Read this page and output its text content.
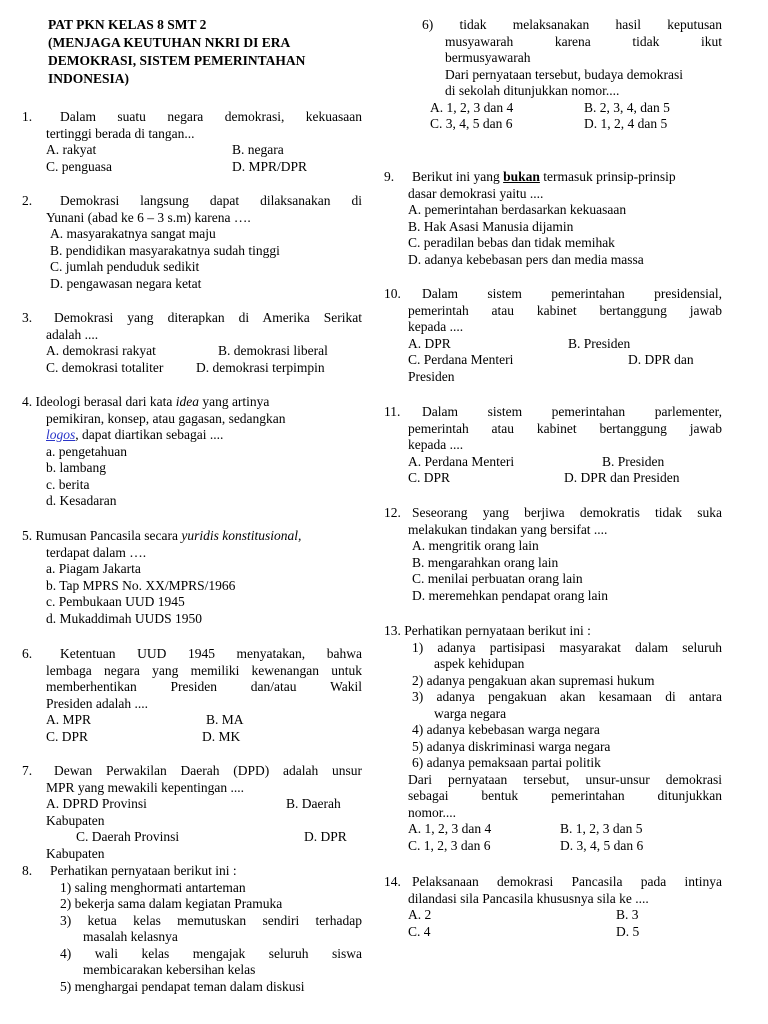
PAT PKN KELAS 8 SMT 2
(MENJAGA KEUTUHAN NKRI DI ERA
DEMOKRASI, SISTEM PEMERINTAHAN
INDONESIA)
1.	Dalam suatu negara demokrasi, kekuasaan
tertinggi berada di tangan...
A. rakyat	B. negara
C. penguasa	D. MPR/DPR
2.	Demokrasi langsung dapat dilaksanakan di
Yunani (abad ke 6 – 3 s.m) karena ….
A. masyarakatnya sangat maju
B. pendidikan masyarakatnya sudah tinggi
C. jumlah penduduk sedikit
D. pengawasan negara ketat
3.	Demokrasi yang diterapkan di Amerika Serikat
adalah ....
A. demokrasi rakyat	B. demokrasi liberal
C. demokrasi totaliter D. demokrasi terpimpin
4. Ideologi berasal dari kata idea yang artinya
pemikiran, konsep, atau gagasan, sedangkan
logos, dapat diartikan sebagai ....
a. pengetahuan
b. lambang
c. berita
d. Kesadaran
5. Rumusan Pancasila secara yuridis konstitusional,
terdapat dalam ….
a. Piagam Jakarta
b. Tap MPRS No. XX/MPRS/1966
c. Pembukaan UUD 1945
d. Mukaddimah UUDS 1950
6.	Ketentuan UUD 1945 menyatakan, bahwa
lembaga negara yang memiliki kewenangan untuk
memberhentikan Presiden dan/atau Wakil
Presiden adalah ....
A. MPR	B. MA
C. DPR	D. MK
7.	Dewan Perwakilan Daerah (DPD) adalah unsur
MPR yang mewakili kepentingan ....
A. DPRD Provinsi	B. Daerah
Kabupaten
C. Daerah Provinsi	D. DPR
Kabupaten
8.	Perhatikan pernyataan berikut ini :
1) saling menghormati antarteman
2) bekerja sama dalam kegiatan Pramuka
3) ketua kelas memutuskan sendiri terhadap
masalah kelasnya
4) wali kelas mengajak seluruh siswa
membicarakan kebersihan kelas
5) menghargai pendapat teman dalam diskusi
6) tidak melaksanakan hasil keputusan
musyawarah karena tidak ikut
bermusyawarah
Dari pernyataan tersebut, budaya demokrasi
di sekolah ditunjukkan nomor....
A. 1, 2, 3 dan 4	B. 2, 3, 4, dan 5
C. 3, 4, 5 dan 6	D. 1, 2, 4 dan 5
9.	Berikut ini yang bukan termasuk prinsip-prinsip
dasar demokrasi yaitu ....
A. pemerintahan berdasarkan kekuasaan
B. Hak Asasi Manusia dijamin
C. peradilan bebas dan tidak memihak
D. adanya kebebasan pers dan media massa
10.	Dalam sistem pemerintahan presidensial,
pemerintah atau kabinet bertanggung jawab
kepada ....
A. DPR	B. Presiden
C. Perdana Menteri	D. DPR dan
Presiden
11.	Dalam sistem pemerintahan parlementer,
pemerintah atau kabinet bertanggung jawab
kepada ....
A. Perdana Menteri	B. Presiden
C. DPR	D. DPR dan Presiden
12. Seseorang yang berjiwa demokratis tidak suka
melakukan tindakan yang bersifat ....
A. mengritik orang lain
B. mengarahkan orang lain
C. menilai perbuatan orang lain
D. meremehkan pendapat orang lain
13. Perhatikan pernyataan berikut ini :
1) adanya partisipasi masyarakat dalam seluruh
aspek kehidupan
2) adanya pengakuan akan supremasi hukum
3) adanya pengakuan akan kesamaan di antara
warga negara
4) adanya kebebasan warga negara
5) adanya diskriminasi warga negara
6) adanya pemaksaan partai politik
Dari pernyataan tersebut, unsur-unsur demokrasi
sebagai bentuk pemerintahan ditunjukkan
nomor....
A. 1, 2, 3 dan 4	B. 1, 2, 3 dan 5
C. 1, 2, 3 dan 6	D. 3, 4, 5 dan 6
14. Pelaksanaan demokrasi Pancasila pada intinya
dilandasi sila Pancasila khususnya sila ke ....
A. 2	B. 3
C. 4	D. 5
